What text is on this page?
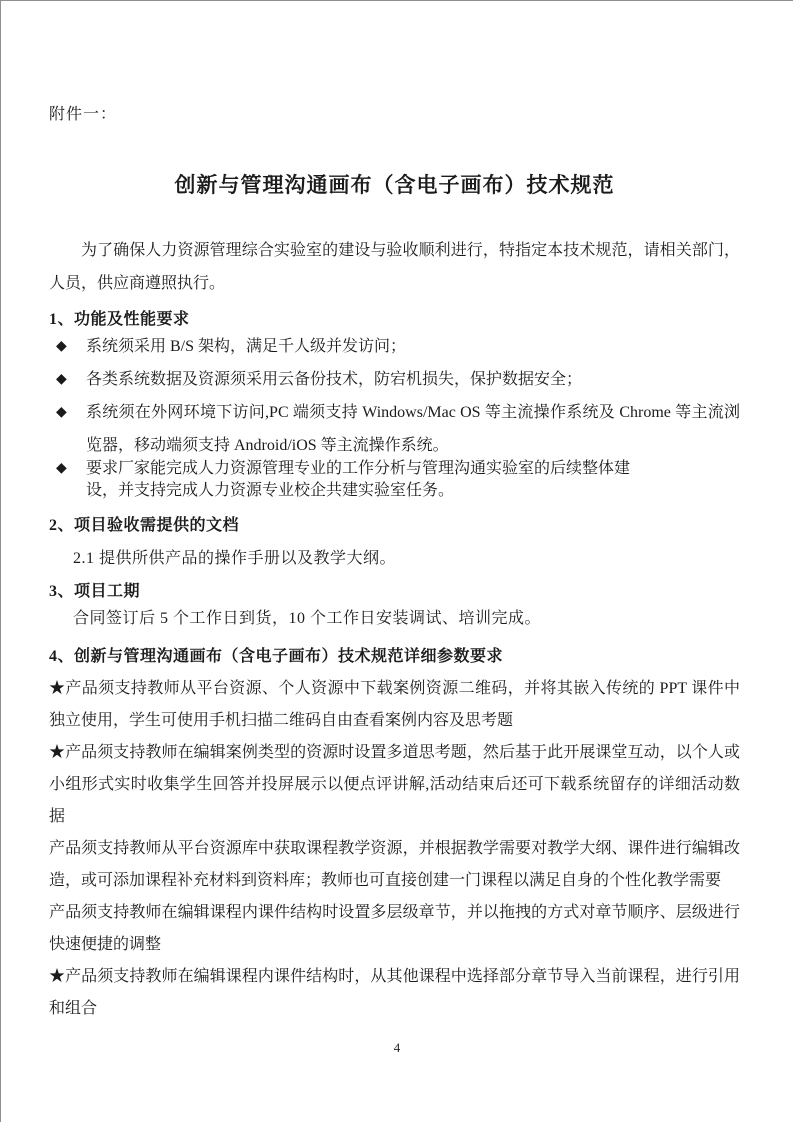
附件一：

创新与管理沟通画布（含电子画布）技术规范

为了确保人力资源管理综合实验室的建设与验收顺利进行，特指定本技术规范，请相关部门，人员，供应商遵照执行。

1、功能及性能要求
◆	系统须采用 B/S 架构，满足千人级并发访问；
◆	各类系统数据及资源须采用云备份技术，防宕机损失，保护数据安全；
◆	系统须在外网环境下访问,PC 端须支持 Windows/Mac OS 等主流操作系统及 Chrome 等主流浏览器，移动端须支持 Android/iOS 等主流操作系统。
◆	要求厂家能完成人力资源管理专业的工作分析与管理沟通实验室的后续整体建设，并支持完成人力资源专业校企共建实验室任务。
2、项目验收需提供的文档

2.1 提供所供产品的操作手册以及教学大纲。

3、项目工期

合同签订后 5 个工作日到货，10 个工作日安装调试、培训完成。

4、创新与管理沟通画布（含电子画布）技术规范详细参数要求

★产品须支持教师从平台资源、个人资源中下载案例资源二维码，并将其嵌入传统的 PPT 课件中独立使用，学生可使用手机扫描二维码自由查看案例内容及思考题

★产品须支持教师在编辑案例类型的资源时设置多道思考题，然后基于此开展课堂互动，以个人或小组形式实时收集学生回答并投屏展示以便点评讲解,活动结束后还可下载系统留存的详细活动数据

产品须支持教师从平台资源库中获取课程教学资源，并根据教学需要对教学大纲、课件进行编辑改造，或可添加课程补充材料到资料库；教师也可直接创建一门课程以满足自身的个性化教学需要

产品须支持教师在编辑课程内课件结构时设置多层级章节，并以拖拽的方式对章节顺序、层级进行快速便捷的调整

★产品须支持教师在编辑课程内课件结构时，从其他课程中选择部分章节导入当前课程，进行引用和组合

4
